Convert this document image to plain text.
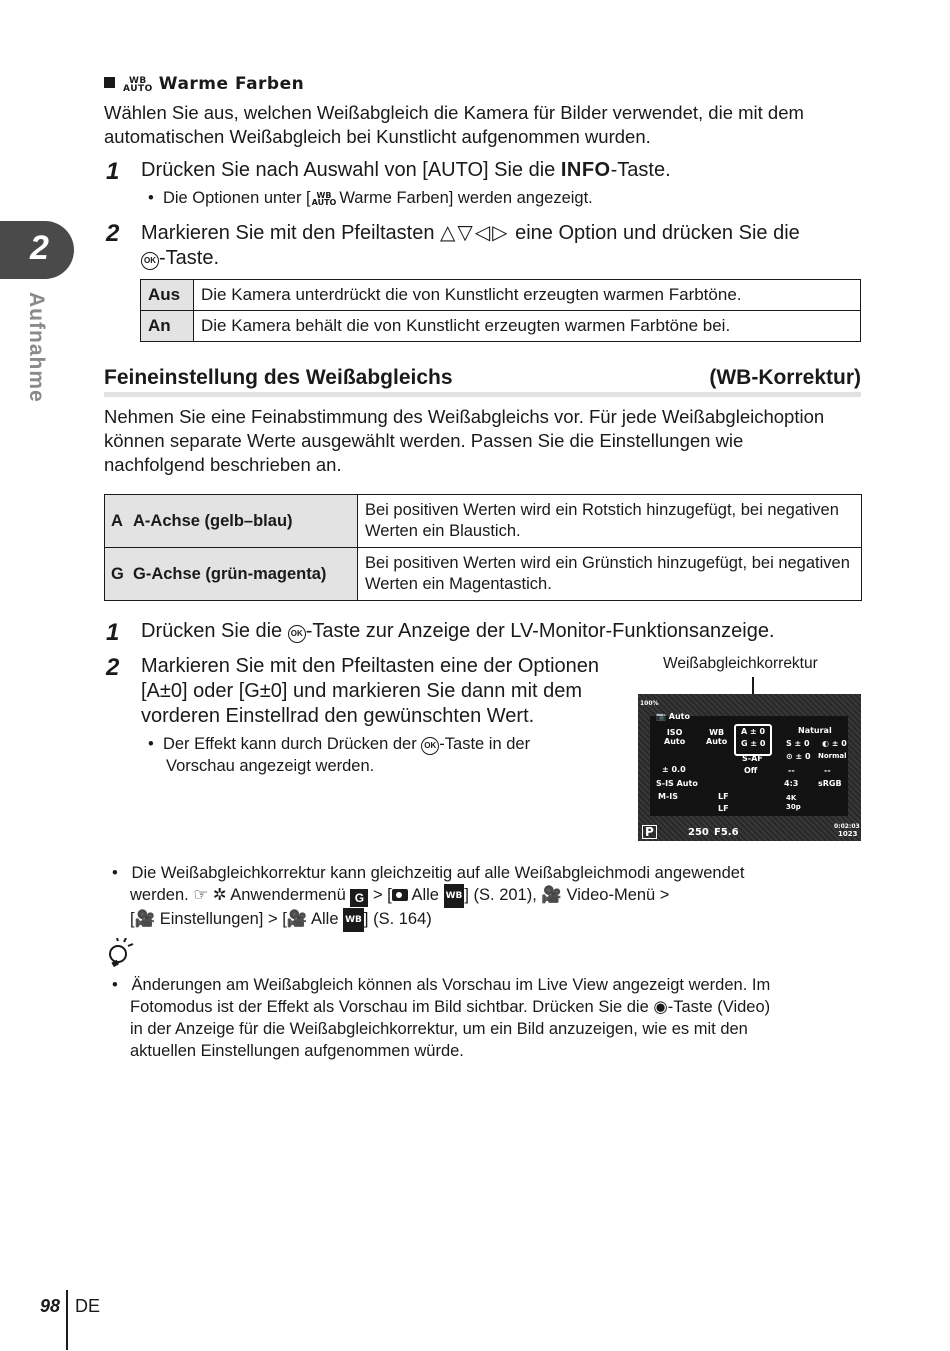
2
Aufnahme
WB
AUTO Warme Farben
Wählen Sie aus, welchen Weißabgleich die Kamera für Bilder verwendet, die mit dem automatischen Weißabgleich bei Kunstlicht aufgenommen wurden.
1 Drücken Sie nach Auswahl von [AUTO] Sie die INFO-Taste.
•  Die Optionen unter [ WB
AUTO Warme Farben] werden angezeigt.
2 Markieren Sie mit den Pfeiltasten △▽◁▷ eine Option und drücken Sie die
OK -Taste.
Aus	Die Kamera unterdrückt die von Kunstlicht erzeugten warmen Farbtöne.
An	Die Kamera behält die von Kunstlicht erzeugten warmen Farbtöne bei.
Feineinstellung des Weißabgleichs	(WB-Korrektur)
Nehmen Sie eine Feinabstimmung des Weißabgleichs vor. Für jede Weißabgleichoption können separate Werte ausgewählt werden. Passen Sie die Einstellungen wie nachfolgend beschrieben an.
A A-Achse (gelb–blau)	Bei positiven Werten wird ein Rotstich hinzugefügt, bei negativen Werten ein Blaustich.
G G-Achse (grün-magenta)	Bei positiven Werten wird ein Grünstich hinzugefügt, bei negativen Werten ein Magentastich.
1 Drücken Sie die OK -Taste zur Anzeige der LV-Monitor-Funktionsanzeige.
2 Markieren Sie mit den Pfeiltasten eine der Optionen
[A±0] oder [G±0] und markieren Sie dann mit dem
vorderen Einstellrad den gewünschten Wert.
•  Der Effekt kann durch Drücken der OK -Taste in der
Vorschau angezeigt werden.
Weißabgleichkorrektur
100%
📷 Auto
ISO
Auto
WB
Auto
A ± 0
G ± 0
Natural
S ± 0 ◐ ± 0
⊙ ± 0 Normal
± 0.0
S-AF
Off	--	--
S-IS Auto	4:3 sRGB
M-IS	LF
LF
4K
30p
P	250 F5.6
0:02:03
1023
•   Die Weißabgleichkorrektur kann gleichzeitig auf alle Weißabgleichmodi angewendet
werden. ☞ ✲ Anwendermenü G > [ Alle WB ] (S. 201), 🎥 Video-Menü >
[🎥 Einstellungen] > [🎥 Alle WB ] (S. 164)
•   Änderungen am Weißabgleich können als Vorschau im Live View angezeigt werden. Im
Fotomodus ist der Effekt als Vorschau im Bild sichtbar. Drücken Sie die ◉-Taste (Video)
in der Anzeige für die Weißabgleichkorrektur, um ein Bild anzuzeigen, wie es mit den
aktuellen Einstellungen aufgenommen würde.
98 DE
